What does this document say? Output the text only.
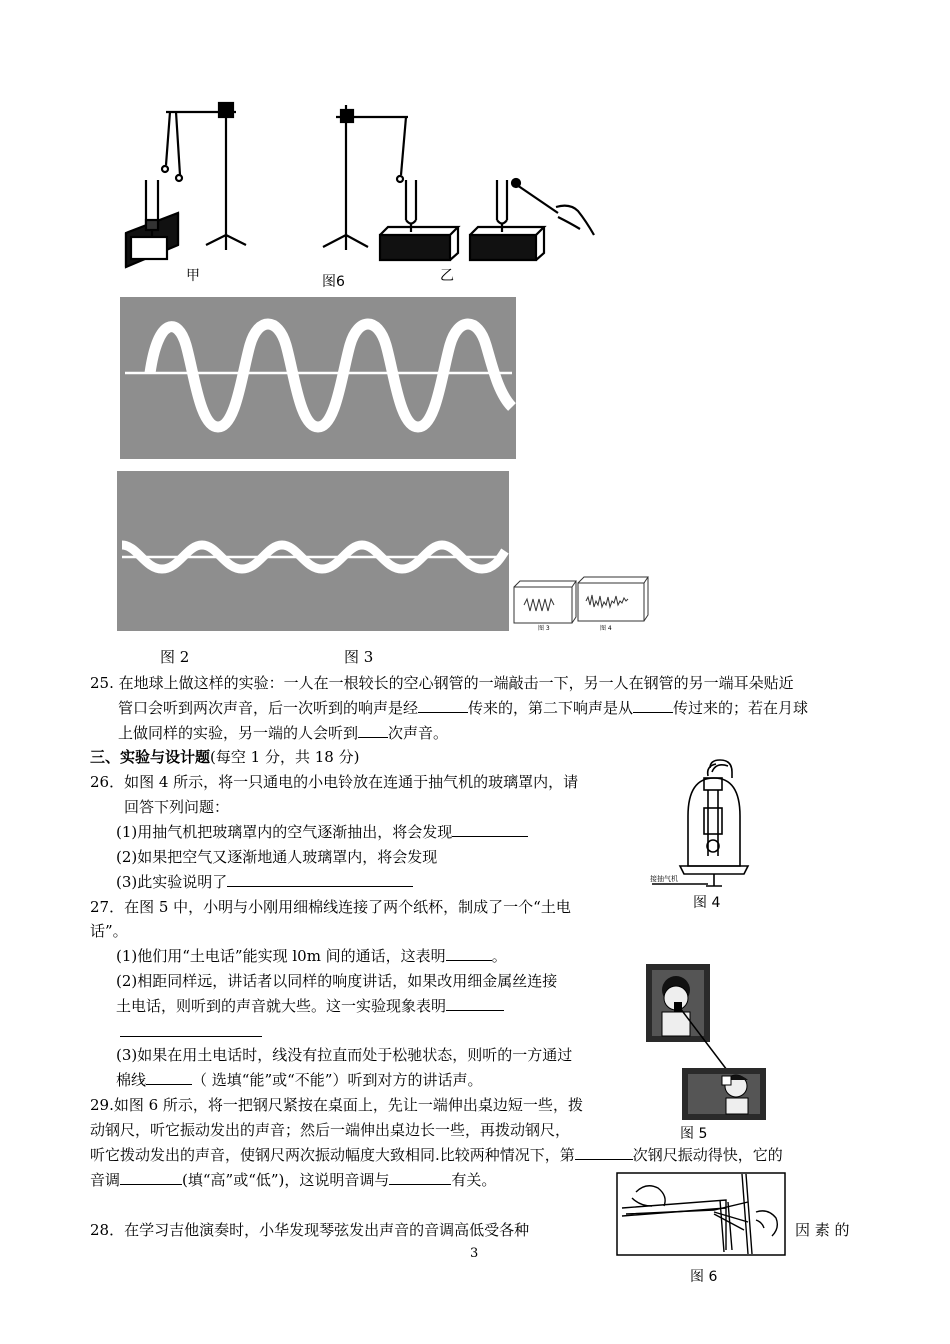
甲	图6	乙
图 3	图 4
图 2	图 3
25. 在地球上做这样的实验：一人在一根较长的空心钢管的一端敲击一下，另一人在钢管的另一端耳朵贴近
管口会听到两次声音，后一次听到的响声是经	传来的，第二下响声是从	传过来的；若在月球
上做同样的实验，另一端的人会听到 次声音。
三、实验与设计题(每空 1 分，共 18 分)
26．如图 4 所示，将一只通电的小电铃放在连通于抽气机的玻璃罩内，请
回答下列问题：
(1)用抽气机把玻璃罩内的空气逐渐抽出，将会发现
(2)如果把空气又逐渐地通人玻璃罩内，将会发现
(3)此实验说明了	接抽气机
图 4
27．在图 5 中，小明与小刚用细棉线连接了两个纸杯，制成了一个“土电
话”。
(1)他们用“土电话”能实现 l0m 间的通话，这表明	。
(2)相距同样远，讲话者以同样的响度讲话，如果改用细金属丝连接
土电话，则听到的声音就大些。这一实验现象表明
(3)如果在用土电话时，线没有拉直而处于松驰状态，则听的一方通过
棉线	（ 选填“能”或“不能”）听到对方的讲话声。
图 5
29.如图 6 所示，将一把钢尺紧按在桌面上，先让一端伸出桌边短一些，拨
动钢尺，听它振动发出的声音；然后一端伸出桌边长一些，再拨动钢尺，
听它拨动发出的声音，使钢尺两次振动幅度大致相同.比较两种情况下，第	次钢尺振动得快，它的
音调	(填“高”或“低”)，这说明音调与	有关。
28．在学习吉他演奏时，小华发现琴弦发出声音的音调高低受各种	因 素 的
图 6
3
